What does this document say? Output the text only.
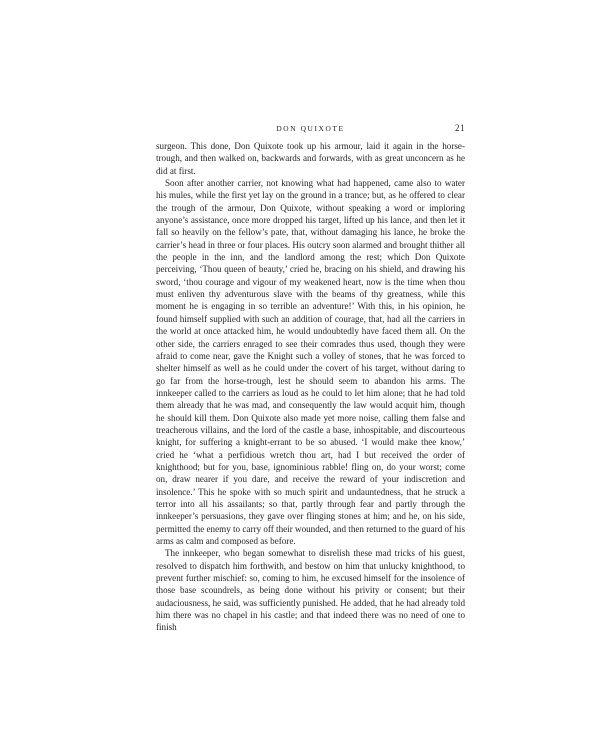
DON QUIXOTE	21

surgeon. This done, Don Quixote took up his armour, laid it again in the horse-trough, and then walked on, backwards and forwards, with as great unconcern as he did at first.

Soon after another carrier, not knowing what had happened, came also to water his mules, while the first yet lay on the ground in a trance; but, as he offered to clear the trough of the armour, Don Quixote, without speaking a word or imploring anyone’s assistance, once more dropped his target, lifted up his lance, and then let it fall so heavily on the fellow’s pate, that, without damaging his lance, he broke the carrier’s head in three or four places. His outcry soon alarmed and brought thither all the people in the inn, and the landlord among the rest; which Don Quixote perceiving, ‘Thou queen of beauty,’ cried he, bracing on his shield, and drawing his sword, ‘thou courage and vigour of my weakened heart, now is the time when thou must enliven thy adventurous slave with the beams of thy greatness, while this moment he is engaging in so terrible an adventure!’ With this, in his opinion, he found himself supplied with such an addition of courage, that, had all the carriers in the world at once attacked him, he would undoubtedly have faced them all. On the other side, the carriers enraged to see their comrades thus used, though they were afraid to come near, gave the Knight such a volley of stones, that he was forced to shelter himself as well as he could under the covert of his target, without daring to go far from the horse-trough, lest he should seem to abandon his arms. The innkeeper called to the carriers as loud as he could to let him alone; that he had told them already that he was mad, and consequently the law would acquit him, though he should kill them. Don Quixote also made yet more noise, calling them false and treacherous villains, and the lord of the castle a base, inhospitable, and discourteous knight, for suffering a knight-errant to be so abused. ‘I would make thee know,’ cried he ‘what a perfidious wretch thou art, had I but received the order of knighthood; but for you, base, ignominious rabble! fling on, do your worst; come on, draw nearer if you dare, and receive the reward of your indiscretion and insolence.’ This he spoke with so much spirit and undauntedness, that he struck a terror into all his assailants; so that, partly through fear and partly through the innkeeper’s persuasions, they gave over flinging stones at him; and he, on his side, permitted the enemy to carry off their wounded, and then returned to the guard of his arms as calm and composed as before.

The innkeeper, who began somewhat to disrelish these mad tricks of his guest, resolved to dispatch him forthwith, and bestow on him that unlucky knighthood, to prevent further mischief: so, coming to him, he excused himself for the insolence of those base scoundrels, as being done without his privity or consent; but their audaciousness, he said, was sufficiently punished. He added, that he had already told him there was no chapel in his castle; and that indeed there was no need of one to finish
